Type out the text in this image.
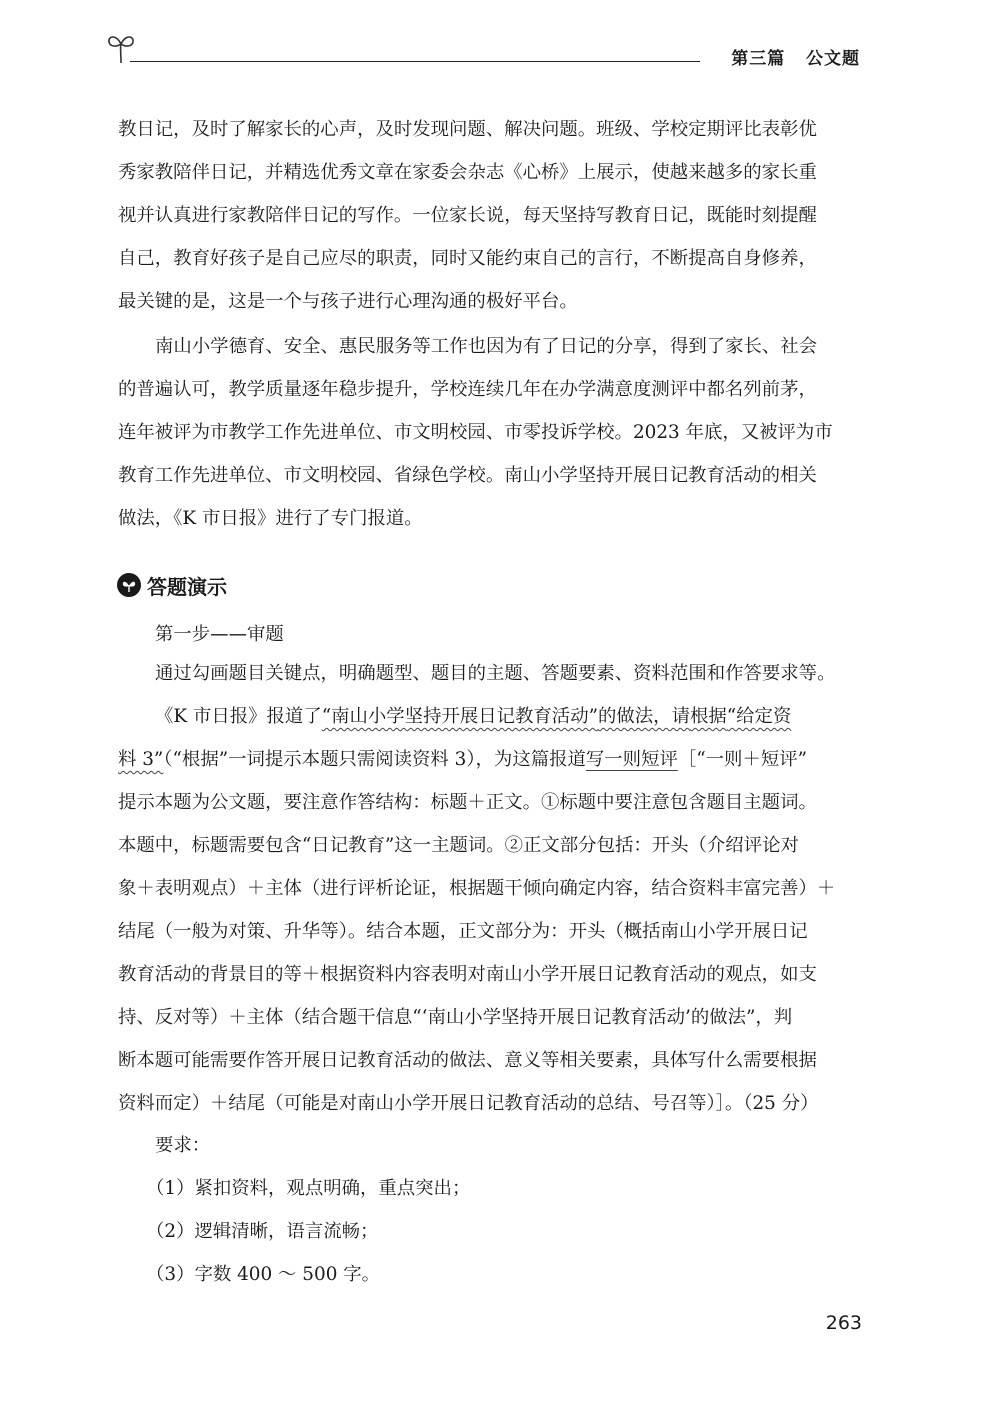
第三篇 公文题
教日记，及时了解家长的心声，及时发现问题、解决问题。班级、学校定期评比表彰优
秀家教陪伴日记，并精选优秀文章在家委会杂志《心桥》上展示，使越来越多的家长重
视并认真进行家教陪伴日记的写作。一位家长说，每天坚持写教育日记，既能时刻提醒
自己，教育好孩子是自己应尽的职责，同时又能约束自己的言行，不断提高自身修养，
最关键的是，这是一个与孩子进行心理沟通的极好平台。
南山小学德育、安全、惠民服务等工作也因为有了日记的分享，得到了家长、社会
的普遍认可，教学质量逐年稳步提升，学校连续几年在办学满意度测评中都名列前茅，
连年被评为市教学工作先进单位、市文明校园、市零投诉学校。2023 年底，又被评为市
教育工作先进单位、市文明校园、省绿色学校。南山小学坚持开展日记教育活动的相关
做法，《K 市日报》进行了专门报道。
答题演示
第一步——审题
通过勾画题目关键点，明确题型、题目的主题、答题要素、资料范围和作答要求等。
《K 市日报》报道了“南山小学坚持开展日记教育活动”的做法，请根据“给定资
料 3”（“根据”一词提示本题只需阅读资料 3），为这篇报道写一则短评［“一则＋短评”
提示本题为公文题，要注意作答结构：标题＋正文。①标题中要注意包含题目主题词。
本题中，标题需要包含“日记教育”这一主题词。②正文部分包括：开头（介绍评论对
象＋表明观点）＋主体（进行评析论证，根据题干倾向确定内容，结合资料丰富完善）＋
结尾（一般为对策、升华等）。结合本题，正文部分为：开头（概括南山小学开展日记
教育活动的背景目的等＋根据资料内容表明对南山小学开展日记教育活动的观点，如支
持、反对等）＋主体（结合题干信息“‘南山小学坚持开展日记教育活动’的做法”，判
断本题可能需要作答开展日记教育活动的做法、意义等相关要素，具体写什么需要根据
资料而定）＋结尾（可能是对南山小学开展日记教育活动的总结、号召等）］。（25 分）
要求：
（1）紧扣资料，观点明确，重点突出；
（2）逻辑清晰，语言流畅；
（3）字数 400 ～ 500 字。
263
